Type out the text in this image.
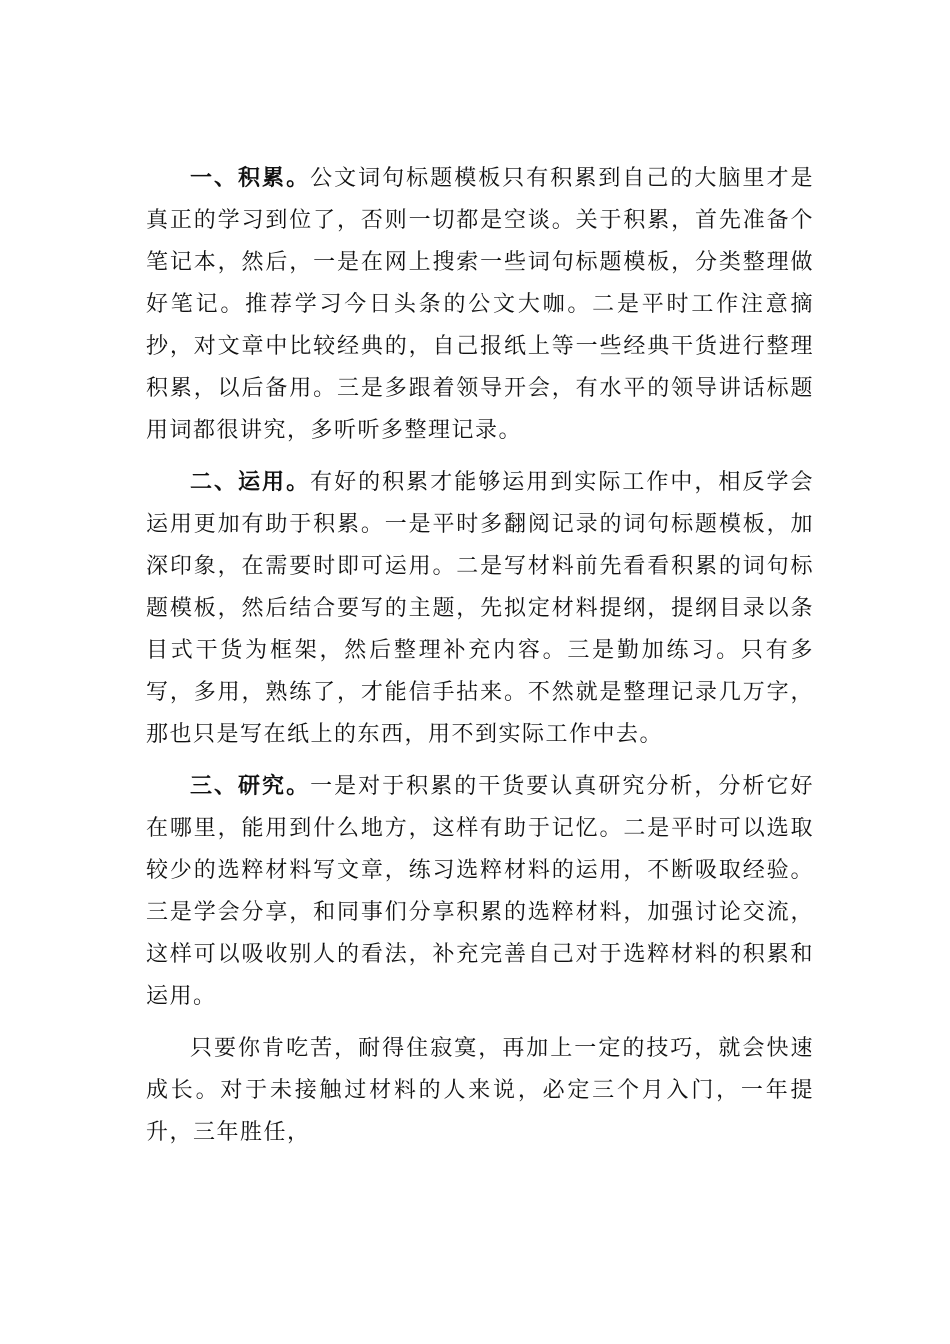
一、积累。公文词句标题模板只有积累到自己的大脑里才是真正的学习到位了，否则一切都是空谈。关于积累，首先准备个笔记本，然后，一是在网上搜索一些词句标题模板，分类整理做好笔记。推荐学习今日头条的公文大咖。二是平时工作注意摘抄，对文章中比较经典的，自己报纸上等一些经典干货进行整理积累，以后备用。三是多跟着领导开会，有水平的领导讲话标题用词都很讲究，多听听多整理记录。

二、运用。有好的积累才能够运用到实际工作中，相反学会运用更加有助于积累。一是平时多翻阅记录的词句标题模板，加深印象，在需要时即可运用。二是写材料前先看看积累的词句标题模板，然后结合要写的主题，先拟定材料提纲，提纲目录以条目式干货为框架，然后整理补充内容。三是勤加练习。只有多写，多用，熟练了，才能信手拈来。不然就是整理记录几万字，那也只是写在纸上的东西，用不到实际工作中去。

三、研究。一是对于积累的干货要认真研究分析，分析它好在哪里，能用到什么地方，这样有助于记忆。二是平时可以选取较少的选粹材料写文章，练习选粹材料的运用，不断吸取经验。三是学会分享，和同事们分享积累的选粹材料，加强讨论交流，这样可以吸收别人的看法，补充完善自己对于选粹材料的积累和运用。

只要你肯吃苦，耐得住寂寞，再加上一定的技巧，就会快速成长。对于未接触过材料的人来说，必定三个月入门，一年提升，三年胜任，
